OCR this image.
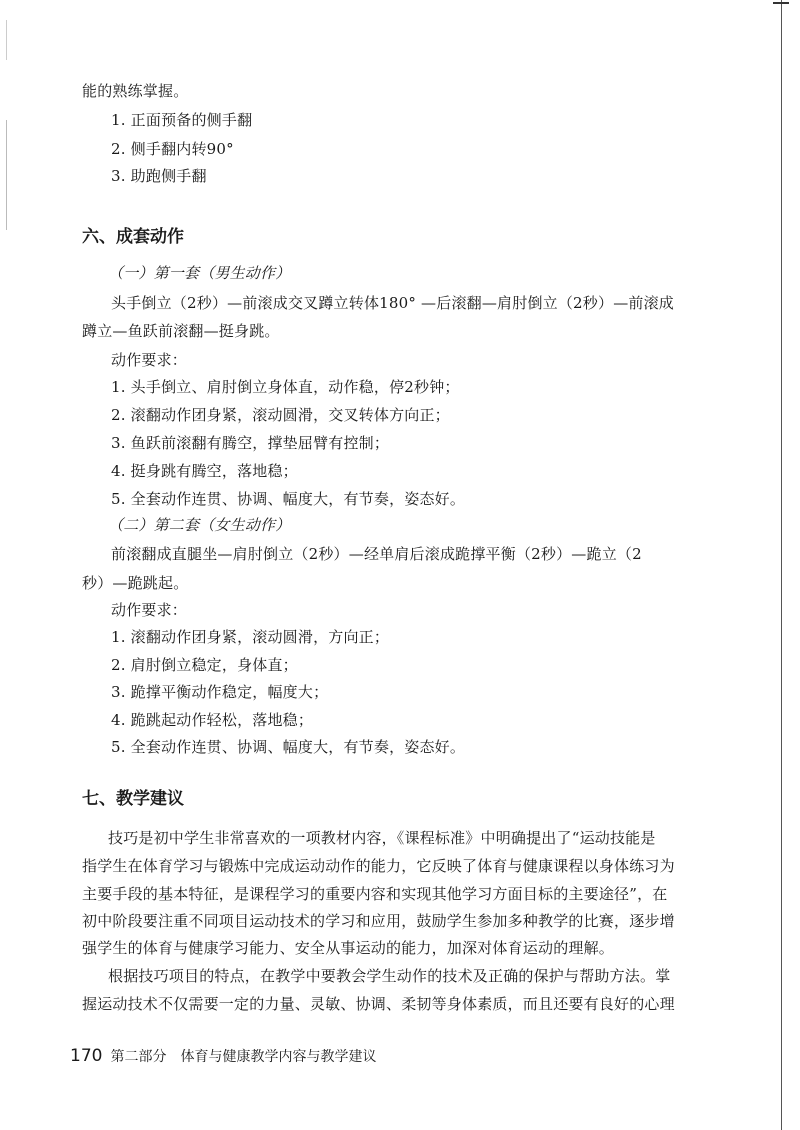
能的熟练掌握。
1. 正面预备的侧手翻
2. 侧手翻内转90°
3. 助跑侧手翻
六、成套动作
（一）第一套（男生动作）
头手倒立（2秒）—前滚成交叉蹲立转体180° —后滚翻—肩肘倒立（2秒）—前滚成
蹲立—鱼跃前滚翻—挺身跳。
动作要求：
1. 头手倒立、肩肘倒立身体直，动作稳，停2秒钟；
2. 滚翻动作团身紧，滚动圆滑，交叉转体方向正；
3. 鱼跃前滚翻有腾空，撑垫屈臂有控制；
4. 挺身跳有腾空，落地稳；
5. 全套动作连贯、协调、幅度大，有节奏，姿态好。
（二）第二套（女生动作）
前滚翻成直腿坐—肩肘倒立（2秒）—经单肩后滚成跪撑平衡（2秒）—跪立（2
秒）—跪跳起。
动作要求：
1. 滚翻动作团身紧，滚动圆滑，方向正；
2. 肩肘倒立稳定，身体直；
3. 跪撑平衡动作稳定，幅度大；
4. 跪跳起动作轻松，落地稳；
5. 全套动作连贯、协调、幅度大，有节奏，姿态好。
七、教学建议
技巧是初中学生非常喜欢的一项教材内容，《课程标准》中明确提出了“运动技能是
指学生在体育学习与锻炼中完成运动动作的能力，它反映了体育与健康课程以身体练习为
主要手段的基本特征，是课程学习的重要内容和实现其他学习方面目标的主要途径”，在
初中阶段要注重不同项目运动技术的学习和应用，鼓励学生参加多种教学的比赛，逐步增
强学生的体育与健康学习能力、安全从事运动的能力，加深对体育运动的理解。
根据技巧项目的特点，在教学中要教会学生动作的技术及正确的保护与帮助方法。掌
握运动技术不仅需要一定的力量、灵敏、协调、柔韧等身体素质，而且还要有良好的心理
170 第二部分　体育与健康教学内容与教学建议
